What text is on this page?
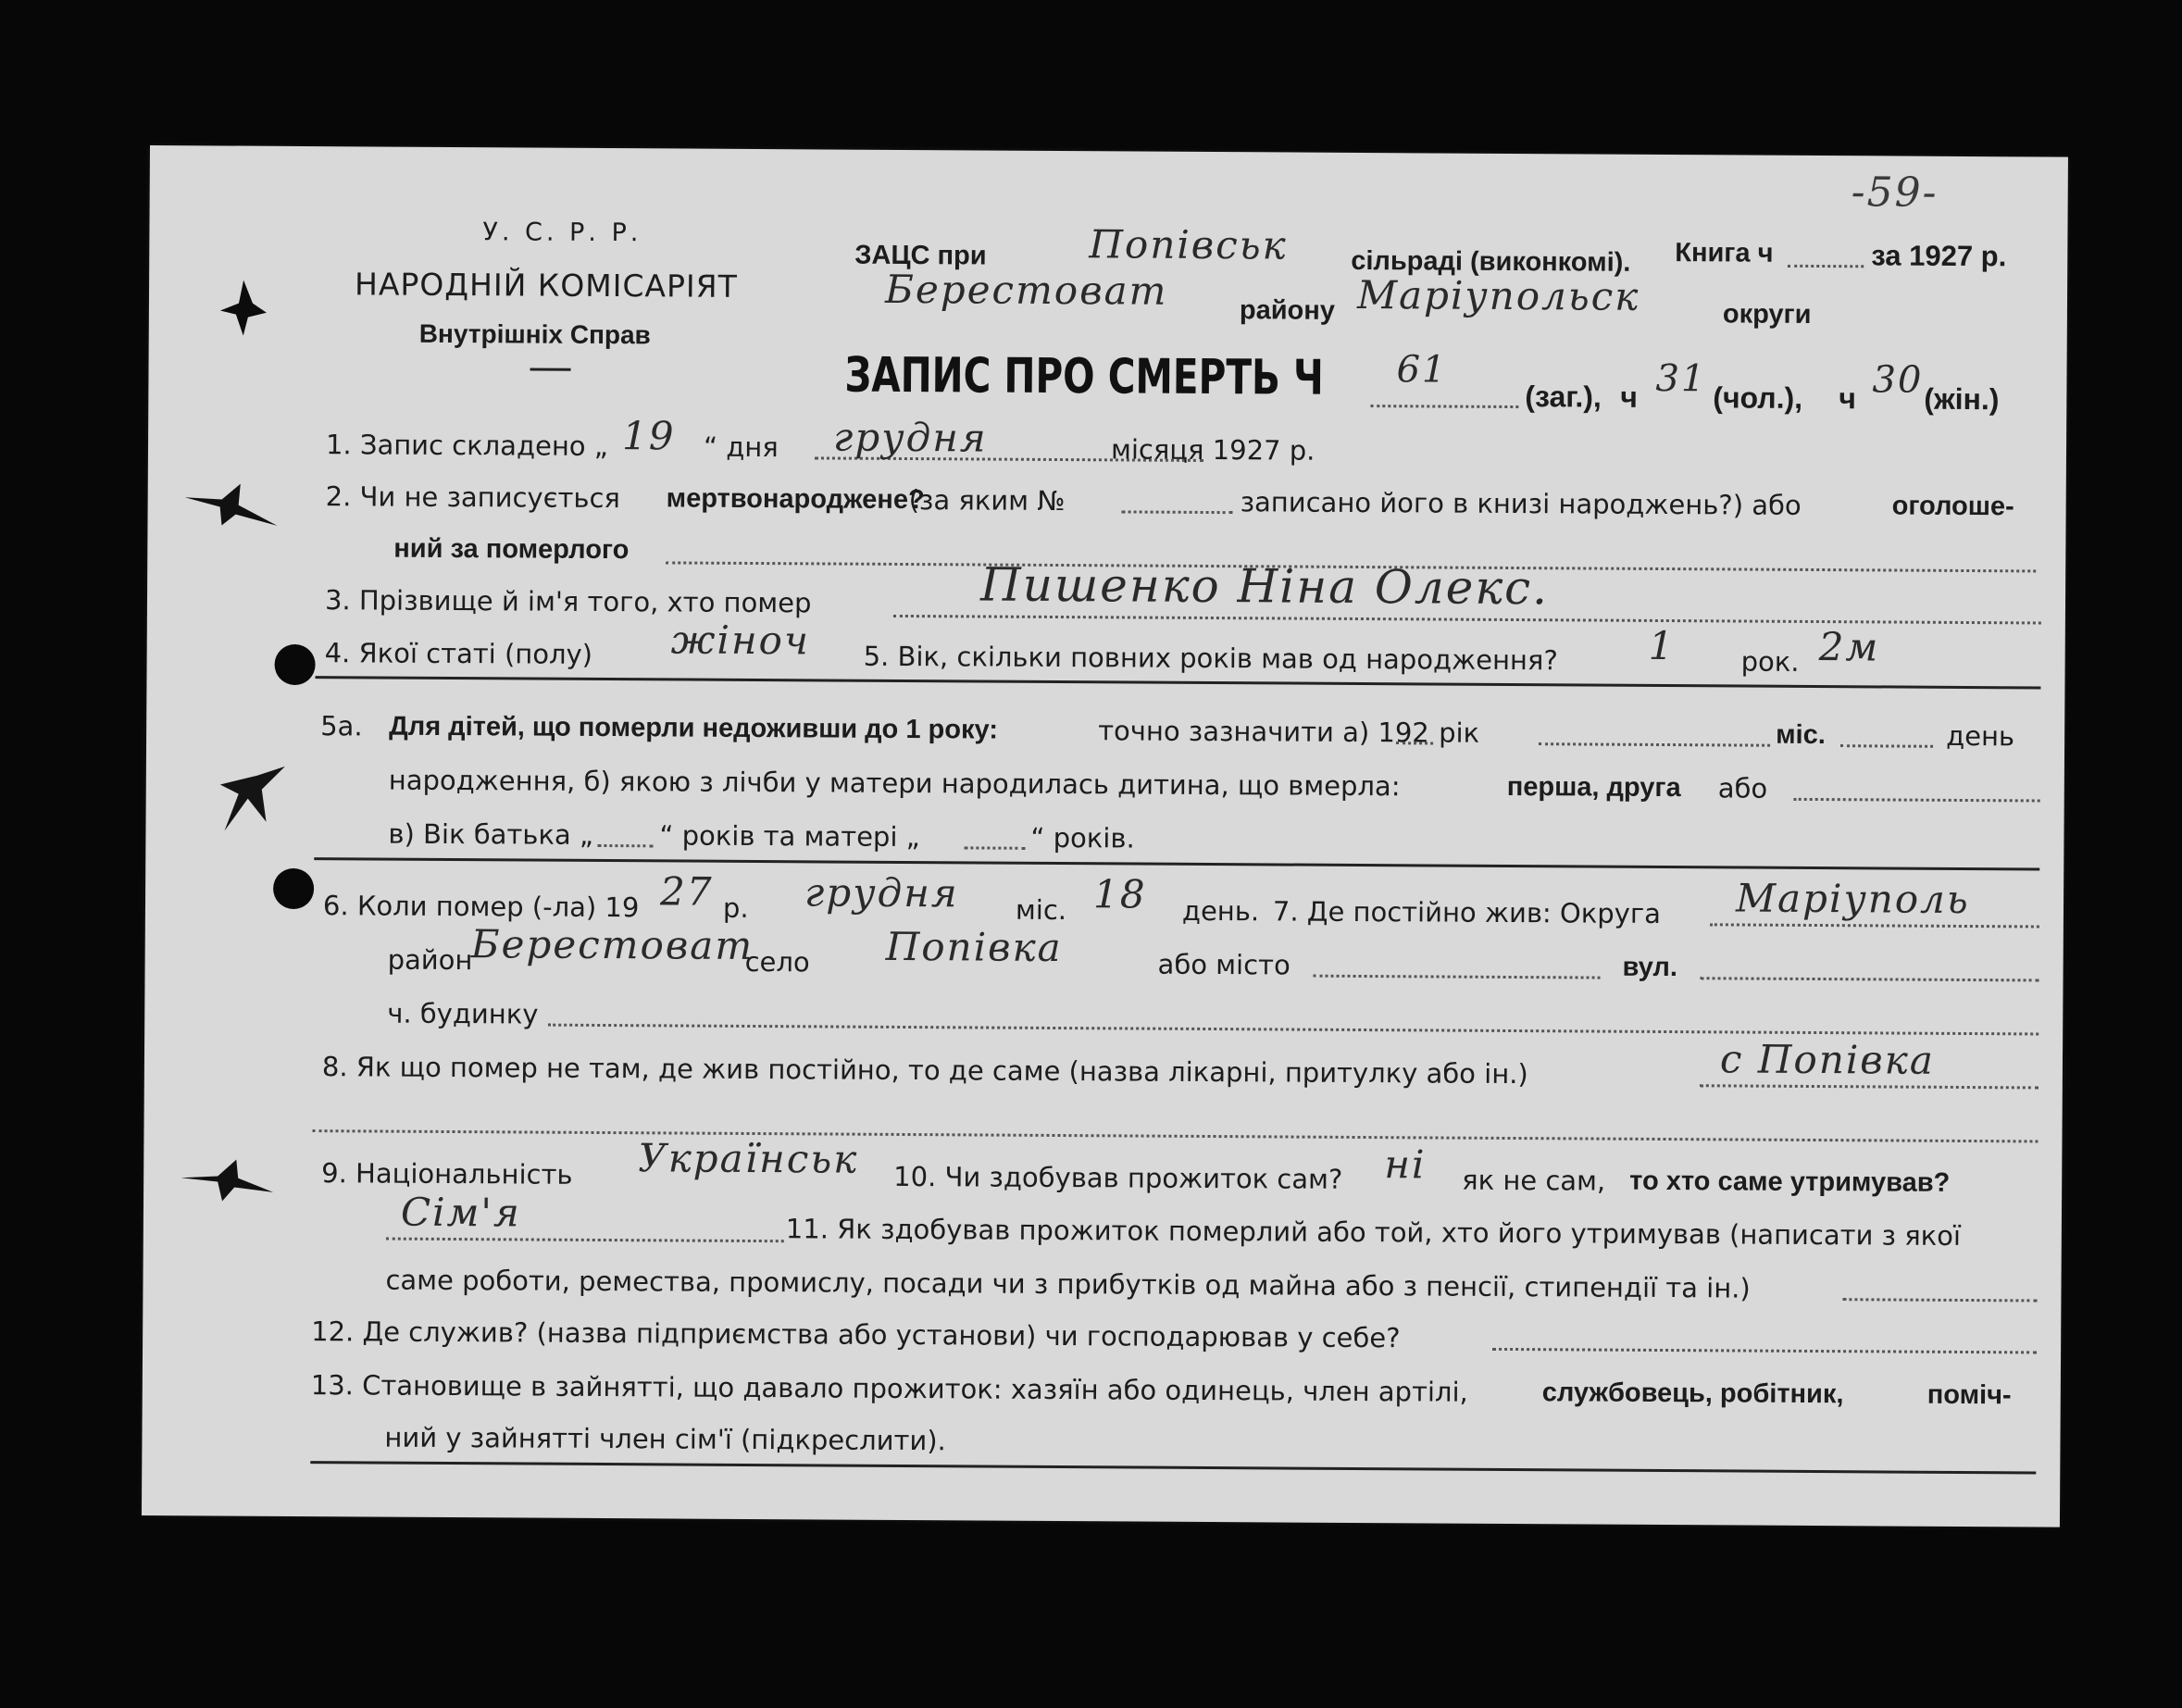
-59-
У. С. Р. Р.
НАРОДНІЙ КОМІСАРІЯТ
Внутрішніх Справ
ЗАЦС при	Попівськ сільраді (виконкомі). Книга ч	за 1927 р.
Берестоват	району Маріупольск	округи
ЗАПИС ПРО СМЕРТЬ Ч 61
(заг.), ч 31 (чол.), ч 30 (жін.)
1. Запис складено „ 19 “ дня грудня	місяця 1927 р.
2. Чи не записується мертвонароджене?
(за яким №	записано його в книзі народжень?) або	оголоше-
ний за померлого
3. Прізвище й ім'я того, хто помер	Пишенко Ніна Олекс.
4. Якої статі (полу) жіноч 5. Вік, скільки повних років мав од народження? 1 рок. 2м
5а. Для дітей, що померли недоживши до 1 року:	точно зазначити а) 192 рік	міс.	день
народження, б) якою з лічби у матери народилась дитина, що вмерла:	перша, друга або
в) Вік батька „ “ років та матері „	“ років.
6. Коли помер (-ла) 19 27 р. грудня міс. 18 день. 7. Де постійно жив: Округа Маріуполь
район
Берестоват
село Попівка	або місто	вул.
ч. будинку
8. Як що помер не там, де жив постійно, то де саме (назва лікарні, притулку або ін.)	с Попівка
9. Національність Українськ 10. Чи здобував прожиток сам? ні як не сам, то хто саме утримував?
Сім'я	11. Як здобував прожиток померлий або той, хто його утримував (написати з якої
саме роботи, ремества, промислу, посади чи з прибутків од майна або з пенсії, стипендії та ін.)
12. Де служив? (назва підприємства або установи) чи господарював у себе?
13. Становище в зайнятті, що давало прожиток: хазяїн або одинець, член артілі,	службовець, робітник,	поміч-
ний у зайнятті член сім'ї (підкреслити).
